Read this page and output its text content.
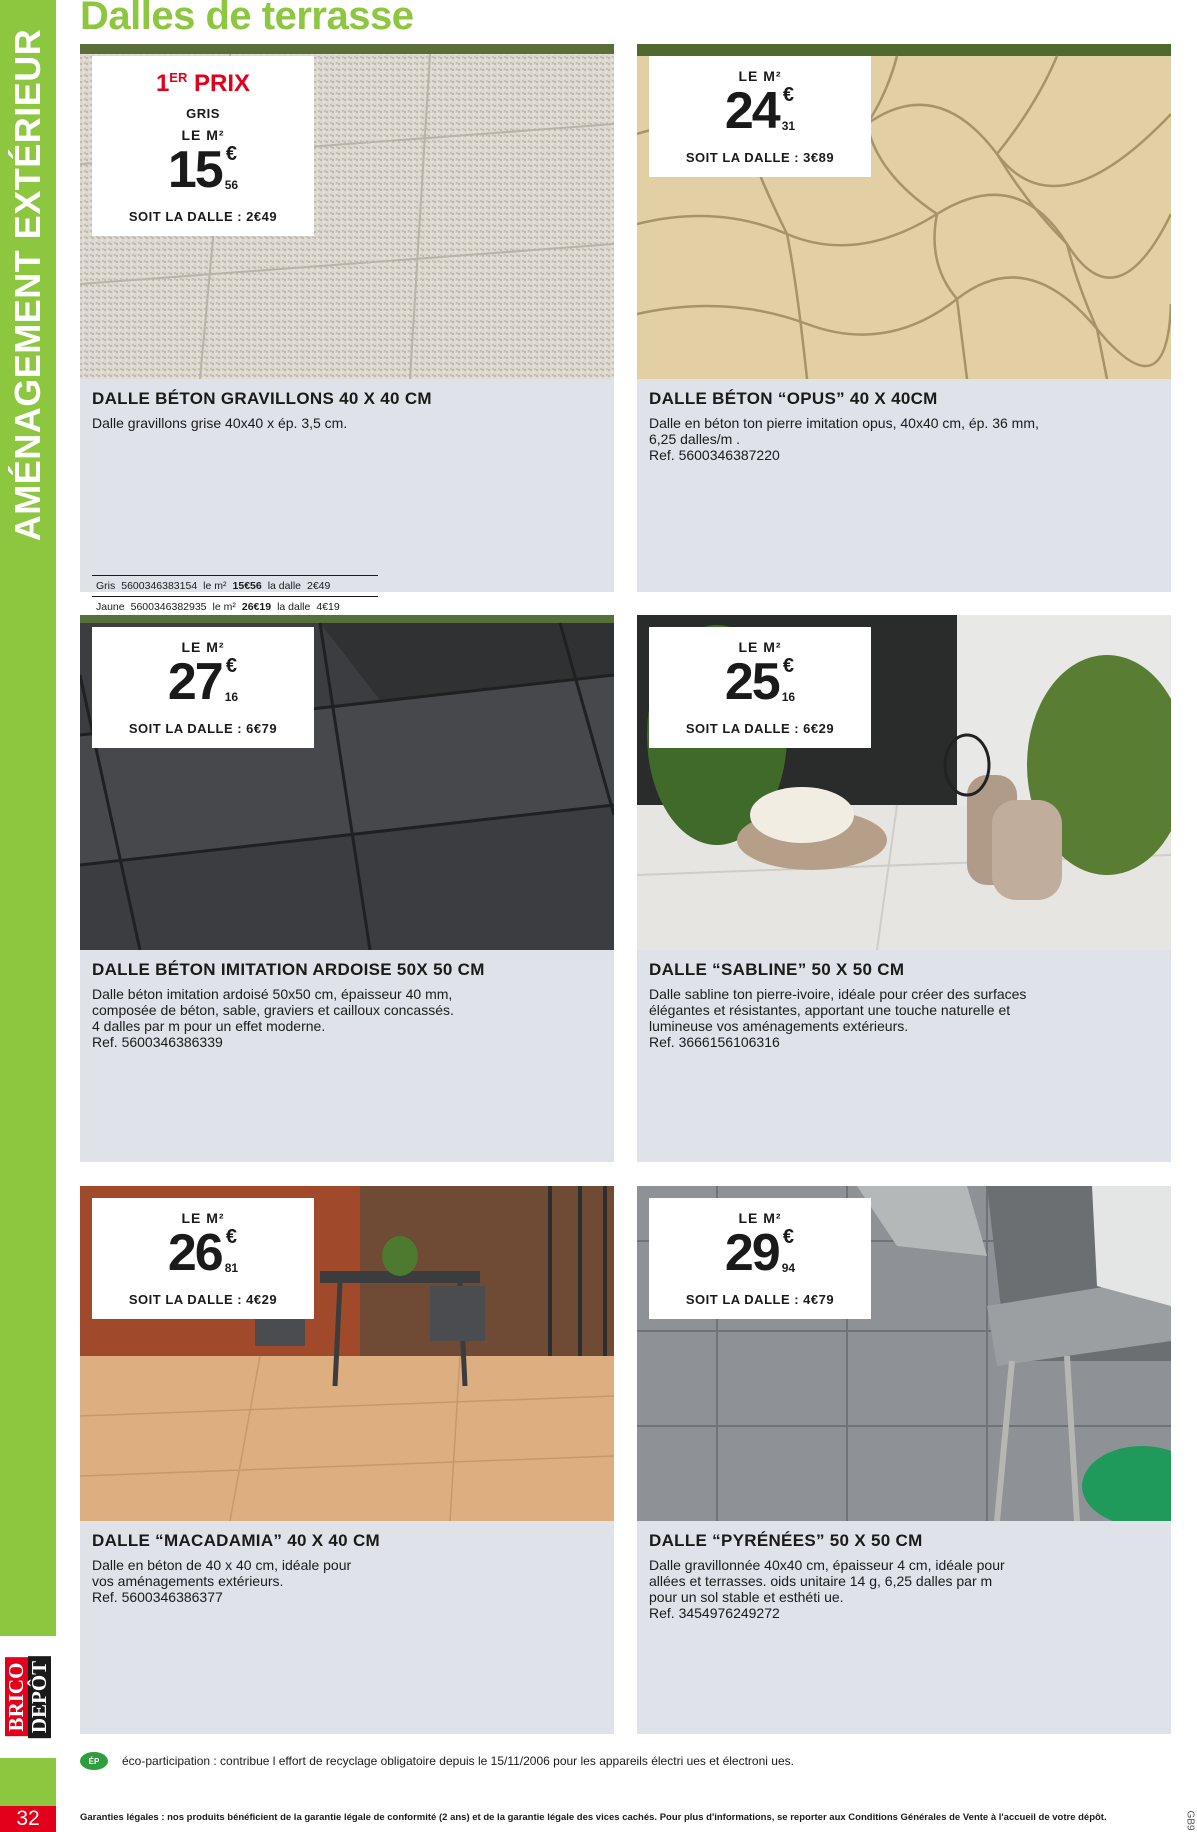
AMÉNAGEMENT EXTÉRIEUR
BRICO DEPÔT
32
Dalles de terrasse
1ER PRIX
GRIS
LE M²
15 €
56
SOIT LA DALLE : 2€49
DALLE BÉTON GRAVILLONS 40 X 40 CM
Dalle gravillons grise 40x40 x ép. 3,5 cm.
Gris 5600346383154 le m² 15€56 la dalle 2€49
Jaune 5600346382935 le m² 26€19 la dalle 4€19
LE M²
24 €
31
SOIT LA DALLE : 3€89
DALLE BÉTON “OPUS” 40 X 40CM
Dalle en béton ton pierre imitation opus, 40x40 cm, ép. 36 mm,
6,25 dalles/m .
Ref. 5600346387220
LE M²
27 €
16
SOIT LA DALLE : 6€79
DALLE BÉTON IMITATION ARDOISE 50X 50 CM
Dalle béton imitation ardoisé 50x50 cm, épaisseur 40 mm,
composée de béton, sable, graviers et cailloux concassés.
4 dalles par m pour un effet moderne.
Ref. 5600346386339
LE M²
25 €
16
SOIT LA DALLE : 6€29
DALLE “SABLINE” 50 X 50 CM
Dalle sabline ton pierre-ivoire, idéale pour créer des surfaces
élégantes et résistantes, apportant une touche naturelle et
lumineuse vos aménagements extérieurs.
Ref. 3666156106316
LE M²
26 €
81
SOIT LA DALLE : 4€29
DALLE “MACADAMIA” 40 X 40 CM
Dalle en béton de 40 x 40 cm, idéale pour
vos aménagements extérieurs.
Ref. 5600346386377
LE M²
29 €
94
SOIT LA DALLE : 4€79
DALLE “PYRÉNÉES” 50 X 50 CM
Dalle gravillonnée 40x40 cm, épaisseur 4 cm, idéale pour
allées et terrasses. oids unitaire 14 g, 6,25 dalles par m
pour un sol stable et esthéti ue.
Ref. 3454976249272
ÉP	éco-participation : contribue l effort de recyclage obligatoire depuis le 15/11/2006 pour les appareils électri ues et électroni ues.
Garanties légales : nos produits bénéficient de la garantie légale de conformité (2 ans) et de la garantie légale des vices cachés. Pour plus d'informations, se reporter aux Conditions Générales de Vente à l'accueil de votre dépôt.	GB9
